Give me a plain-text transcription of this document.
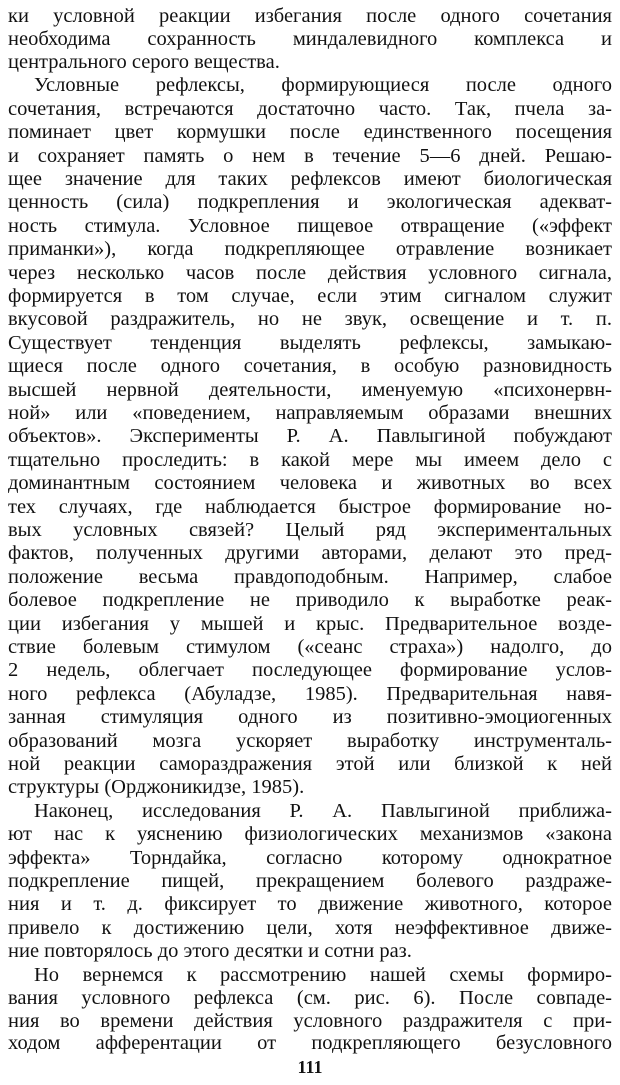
ки условной реакции избегания после одного сочетания
необходима сохранность миндалевидного комплекса и
центрального серого вещества.
Условные рефлексы, формирующиеся после одного
сочетания, встречаются достаточно часто. Так, пчела за-
поминает цвет кормушки после единственного посещения
и сохраняет память о нем в течение 5—6 дней. Решаю-
щее значение для таких рефлексов имеют биологическая
ценность (сила) подкрепления и экологическая адекват-
ность стимула. Условное пищевое отвращение («эффект
приманки»), когда подкрепляющее отравление возникает
через несколько часов после действия условного сигнала,
формируется в том случае, если этим сигналом служит
вкусовой раздражитель, но не звук, освещение и т. п.
Существует тенденция выделять рефлексы, замыкаю-
щиеся после одного сочетания, в особую разновидность
высшей нервной деятельности, именуемую «психонервн-
ной» или «поведением, направляемым образами внешних
объектов». Эксперименты Р. А. Павлыгиной побуждают
тщательно проследить: в какой мере мы имеем дело с
доминантным состоянием человека и животных во всех
тех случаях, где наблюдается быстрое формирование но-
вых условных связей? Целый ряд экспериментальных
фактов, полученных другими авторами, делают это пред-
положение весьма правдоподобным. Например, слабое
болевое подкрепление не приводило к выработке реак-
ции избегания у мышей и крыс. Предварительное возде-
ствие болевым стимулом («сеанс страха») надолго, до
2 недель, облегчает последующее формирование услов-
ного рефлекса (Абуладзе, 1985). Предварительная навя-
занная стимуляция одного из позитивно-эмоциогенных
образований мозга ускоряет выработку инструменталь-
ной реакции самораздражения этой или близкой к ней
структуры (Орджоникидзе, 1985).
Наконец, исследования Р. А. Павлыгиной приближа-
ют нас к уяснению физиологических механизмов «закона
эффекта» Торндайка, согласно которому однократное
подкрепление пищей, прекращением болевого раздраже-
ния и т. д. фиксирует то движение животного, которое
привело к достижению цели, хотя неэффективное движе-
ние повторялось до этого десятки и сотни раз.
Но вернемся к рассмотрению нашей схемы формиро-
вания условного рефлекса (см. рис. 6). После совпаде-
ния во времени действия условного раздражителя с при-
ходом афферентации от подкрепляющего безусловного
111
